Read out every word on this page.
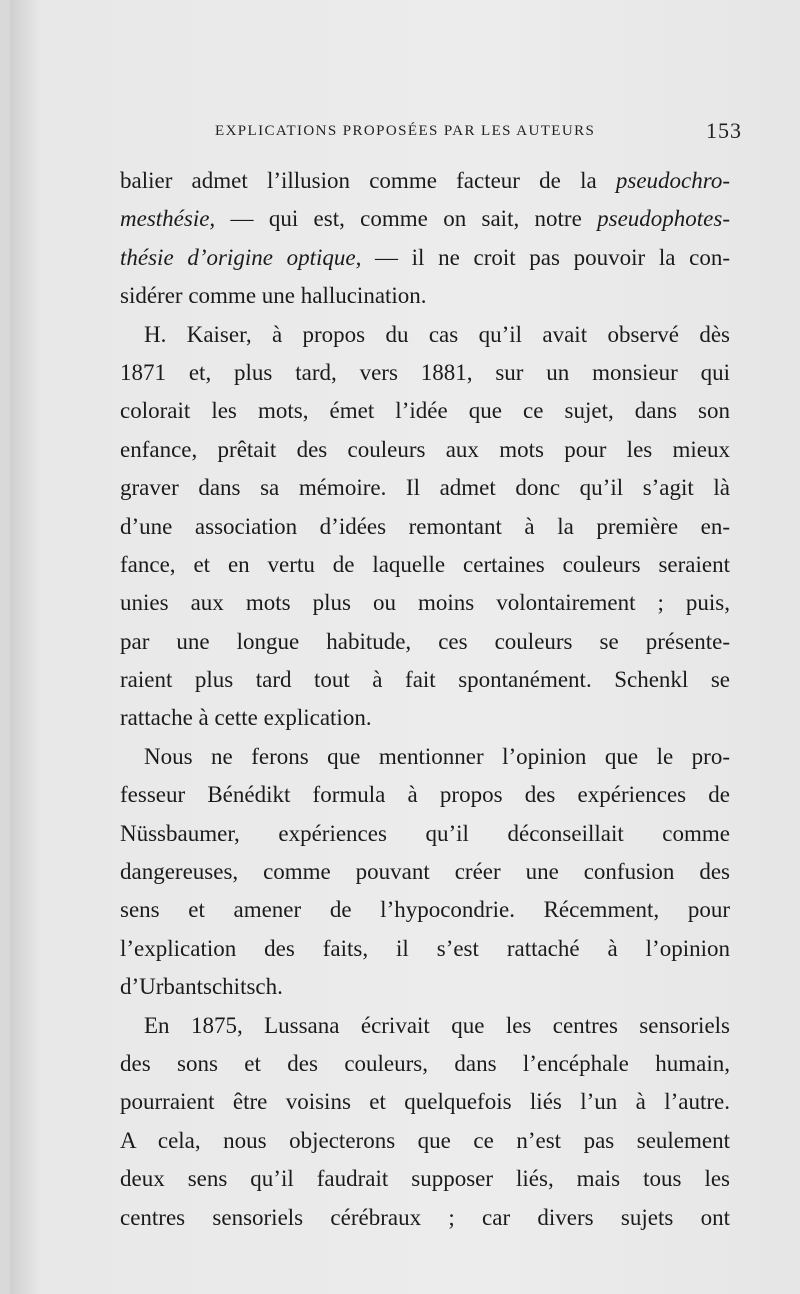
EXPLICATIONS PROPOSÉES PAR LES AUTEURS	153
balier admet l’illusion comme facteur de la pseudochro-
mesthésie, — qui est, comme on sait, notre pseudophotes-
thésie d’origine optique, — il ne croit pas pouvoir la con-
sidérer comme une hallucination.
H. Kaiser, à propos du cas qu’il avait observé dès
1871 et, plus tard, vers 1881, sur un monsieur qui
colorait les mots, émet l’idée que ce sujet, dans son
enfance, prêtait des couleurs aux mots pour les mieux
graver dans sa mémoire. Il admet donc qu’il s’agit là
d’une association d’idées remontant à la première en-
fance, et en vertu de laquelle certaines couleurs seraient
unies aux mots plus ou moins volontairement ; puis,
par une longue habitude, ces couleurs se présente-
raient plus tard tout à fait spontanément. Schenkl se
rattache à cette explication.
Nous ne ferons que mentionner l’opinion que le pro-
fesseur Bénédikt formula à propos des expériences de
Nüssbaumer, expériences qu’il déconseillait comme
dangereuses, comme pouvant créer une confusion des
sens et amener de l’hypocondrie. Récemment, pour
l’explication des faits, il s’est rattaché à l’opinion
d’Urbantschitsch.
En 1875, Lussana écrivait que les centres sensoriels
des sons et des couleurs, dans l’encéphale humain,
pourraient être voisins et quelquefois liés l’un à l’autre.
A cela, nous objecterons que ce n’est pas seulement
deux sens qu’il faudrait supposer liés, mais tous les
centres sensoriels cérébraux ; car divers sujets ont
